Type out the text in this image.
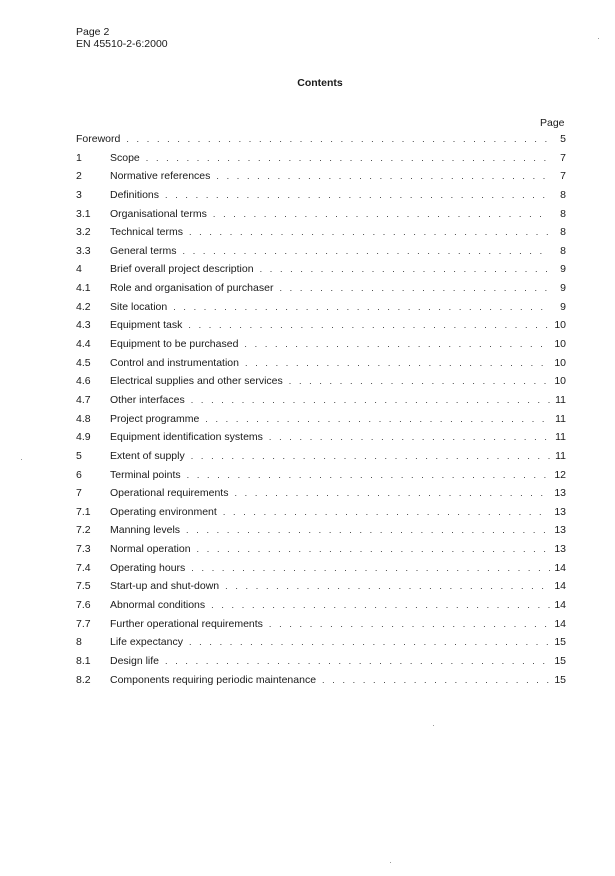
Page 2
EN 45510-2-6:2000
Contents
Page
Foreword . . .	5
1	Scope . . .	7
2	Normative references . . .	7
3	Definitions . . .	8
3.1	Organisational terms . . .	8
3.2	Technical terms . . .	8
3.3	General terms . . .	8
4	Brief overall project description . . .	9
4.1	Role and organisation of purchaser . . .	9
4.2	Site location . . .	9
4.3	Equipment task . . .	10
4.4	Equipment to be purchased . . .	10
4.5	Control and instrumentation . . .	10
4.6	Electrical supplies and other services . . .	10
4.7	Other interfaces . . .	11
4.8	Project programme . . .	11
4.9	Equipment identification systems . . .	11
5	Extent of supply . . .	11
6	Terminal points . . .	12
7	Operational requirements . . .	13
7.1	Operating environment . . .	13
7.2	Manning levels . . .	13
7.3	Normal operation . . .	13
7.4	Operating hours . . .	14
7.5	Start-up and shut-down . . .	14
7.6	Abnormal conditions . . .	14
7.7	Further operational requirements . . .	14
8	Life expectancy . . .	15
8.1	Design life . . .	15
8.2	Components requiring periodic maintenance . . .	15
